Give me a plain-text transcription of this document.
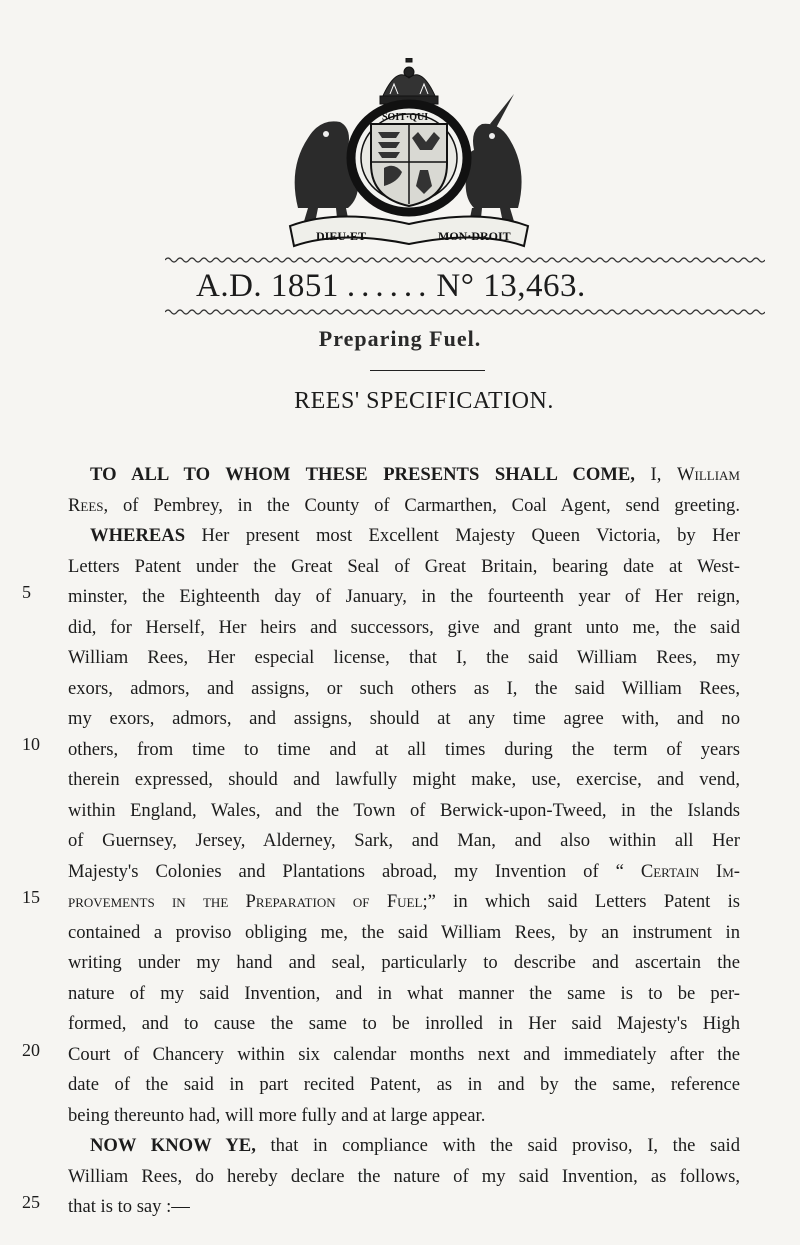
DIEU·ET	MON·DROIT
SOIT·QUI
A.D. 1851 ...... N° 13,463.
Preparing Fuel.
REES' SPECIFICATION.
5
10
15
20
25
TO ALL TO WHOM THESE PRESENTS SHALL COME, I, William
Rees, of Pembrey, in the County of Carmarthen, Coal Agent, send greeting.
WHEREAS Her present most Excellent Majesty Queen Victoria, by Her
Letters Patent under the Great Seal of Great Britain, bearing date at West-
minster, the Eighteenth day of January, in the fourteenth year of Her reign,
did, for Herself, Her heirs and successors, give and grant unto me, the said
William Rees, Her especial license, that I, the said William Rees, my
exors, admors, and assigns, or such others as I, the said William Rees,
my exors, admors, and assigns, should at any time agree with, and no
others, from time to time and at all times during the term of years
therein expressed, should and lawfully might make, use, exercise, and vend,
within England, Wales, and the Town of Berwick-upon-Tweed, in the Islands
of Guernsey, Jersey, Alderney, Sark, and Man, and also within all Her
Majesty's Colonies and Plantations abroad, my Invention of “ Certain Im-
provements in the Preparation of Fuel;” in which said Letters Patent is
contained a proviso obliging me, the said William Rees, by an instrument in
writing under my hand and seal, particularly to describe and ascertain the
nature of my said Invention, and in what manner the same is to be per-
formed, and to cause the same to be inrolled in Her said Majesty's High
Court of Chancery within six calendar months next and immediately after the
date of the said in part recited Patent, as in and by the same, reference
being thereunto had, will more fully and at large appear.
NOW KNOW YE, that in compliance with the said proviso, I, the said
William Rees, do hereby declare the nature of my said Invention, as follows,
that is to say :—
